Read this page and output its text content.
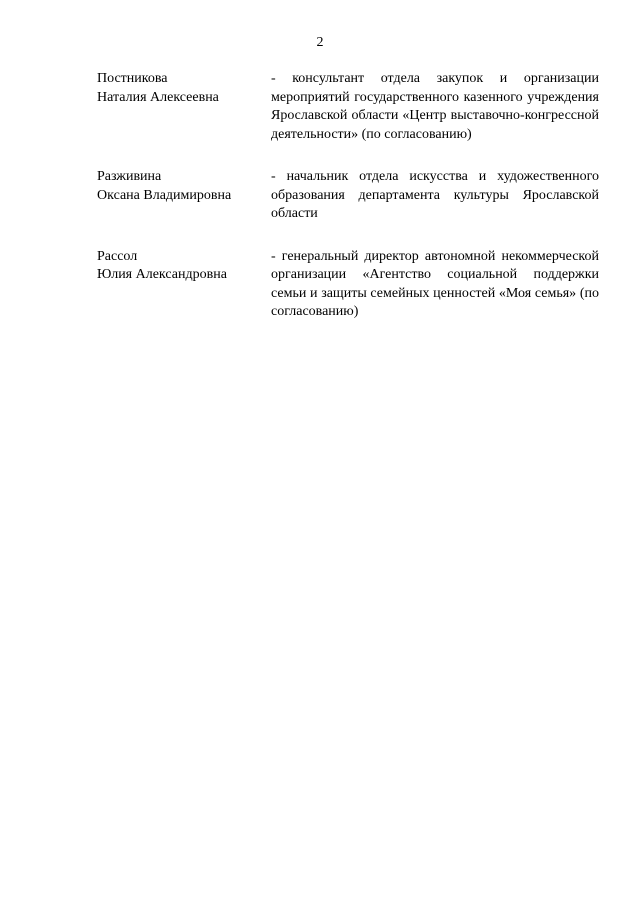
2
Постникова
Наталия Алексеевна
- консультант отдела закупок и организации мероприятий государственного казенного учреждения Ярославской области «Центр выставочно-конгрессной деятельности» (по согласованию)
Разживина
Оксана Владимировна
- начальник отдела искусства и художественного образования департамента культуры Ярославской области
Рассол
Юлия Александровна
- генеральный директор автономной некоммерческой организации «Агентство социальной поддержки семьи и защиты семейных ценностей «Моя семья» (по согласованию)
